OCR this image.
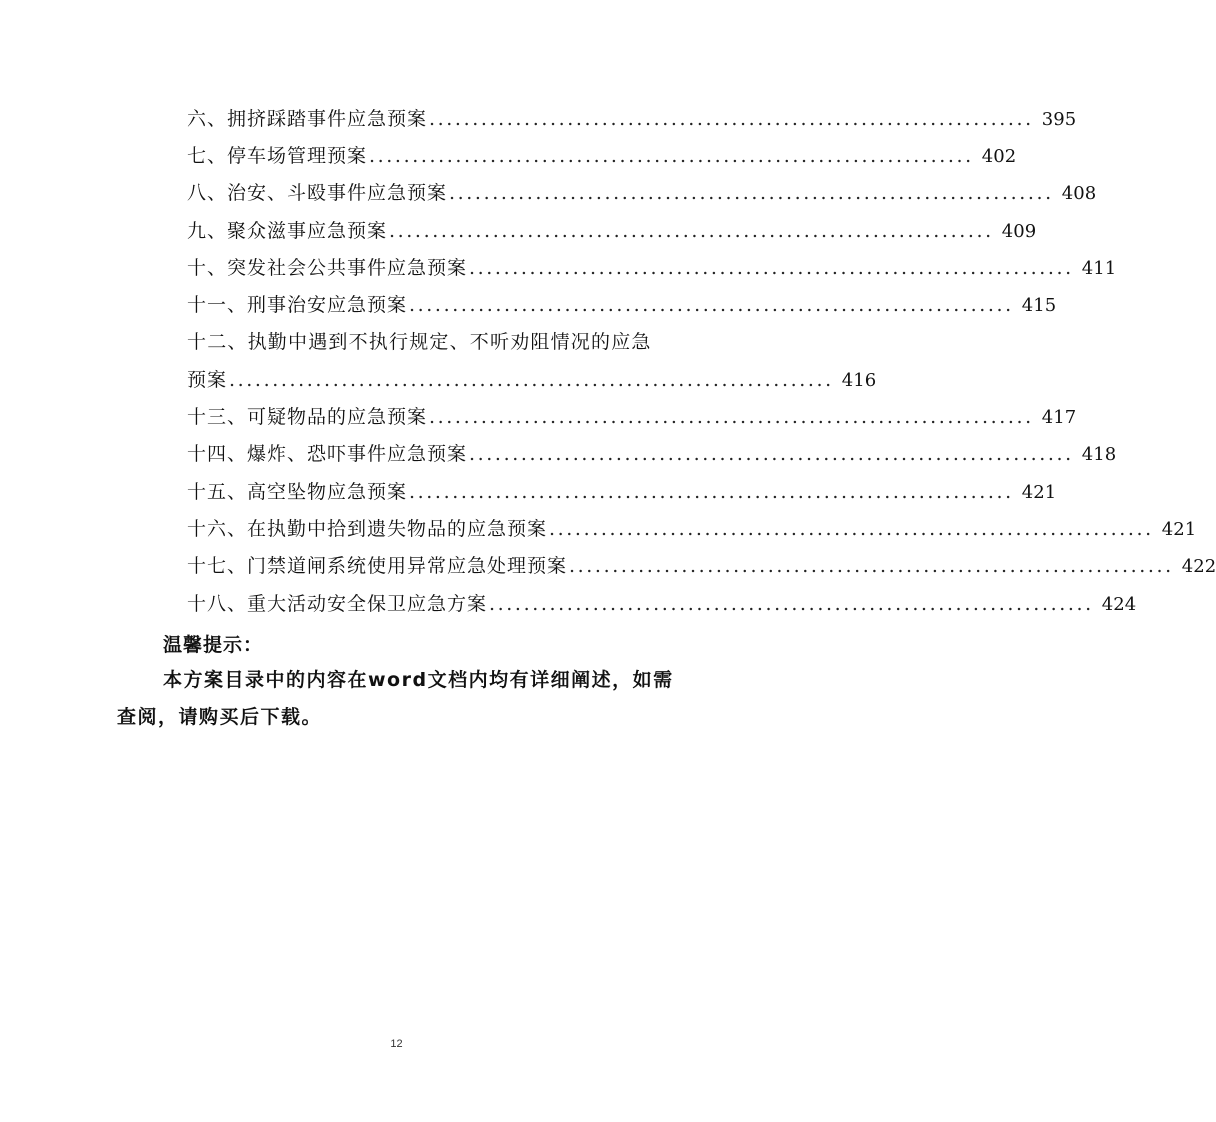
六、拥挤踩踏事件应急预案 ...................................................................... 395
七、停车场管理预案 ...................................................................... 402
八、治安、斗殴事件应急预案 ...................................................................... 408
九、聚众滋事应急预案 ...................................................................... 409
十、突发社会公共事件应急预案 ...................................................................... 411
十一、刑事治安应急预案 ...................................................................... 415
十二、执勤中遇到不执行规定、不听劝阻情况的应急
预案 ...................................................................... 416
十三、可疑物品的应急预案 ...................................................................... 417
十四、爆炸、恐吓事件应急预案 ...................................................................... 418
十五、高空坠物应急预案 ...................................................................... 421
十六、在执勤中拾到遗失物品的应急预案 ...................................................................... 421
十七、门禁道闸系统使用异常应急处理预案 ...................................................................... 422
十八、重大活动安全保卫应急方案 ...................................................................... 424
温馨提示：
本方案目录中的内容在word文档内均有详细阐述，如需查阅，请购买后下载。
12
